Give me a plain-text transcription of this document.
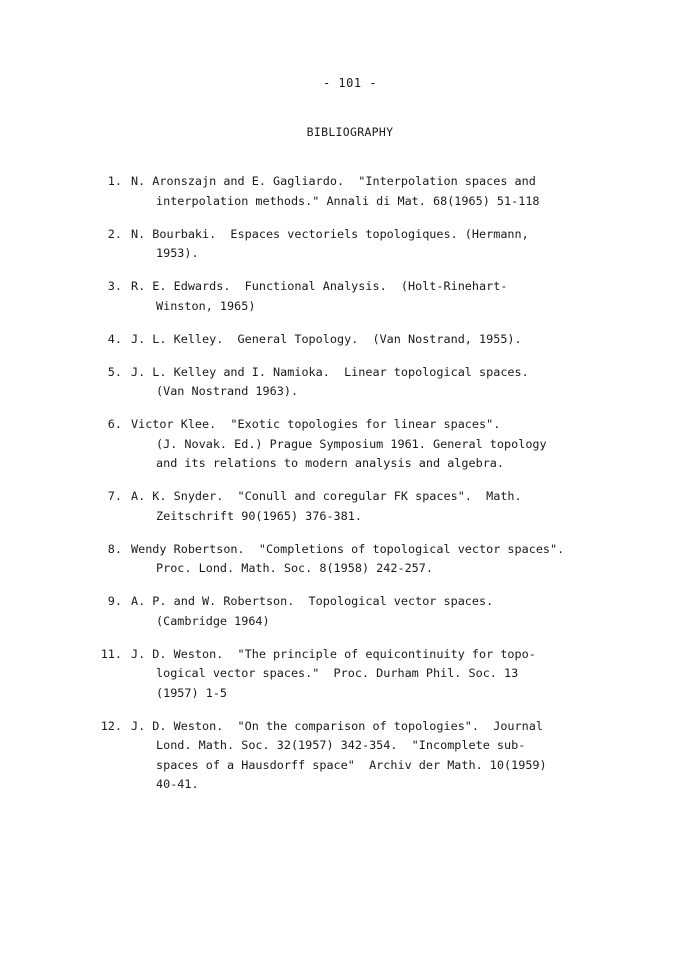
- 101 -
BIBLIOGRAPHY
1. N. Aronszajn and E. Gagliardo.  "Interpolation spaces and
interpolation methods." Annali di Mat. 68(1965) 51-118
2. N. Bourbaki.  Espaces vectoriels topologiques. (Hermann,
1953).
3. R. E. Edwards.  Functional Analysis.  (Holt-Rinehart-
Winston, 1965)
4. J. L. Kelley.  General Topology.  (Van Nostrand, 1955).
5. J. L. Kelley and I. Namioka.  Linear topological spaces.
(Van Nostrand 1963).
6. Victor Klee.  "Exotic topologies for linear spaces".
(J. Novak. Ed.) Prague Symposium 1961. General topology
and its relations to modern analysis and algebra.
7. A. K. Snyder.  "Conull and coregular FK spaces".  Math.
Zeitschrift 90(1965) 376-381.
8. Wendy Robertson.  "Completions of topological vector spaces".
Proc. Lond. Math. Soc. 8(1958) 242-257.
9. A. P. and W. Robertson.  Topological vector spaces.
(Cambridge 1964)
11. J. D. Weston.  "The principle of equicontinuity for topo-
logical vector spaces."  Proc. Durham Phil. Soc. 13
(1957) 1-5
12. J. D. Weston.  "On the comparison of topologies".  Journal
Lond. Math. Soc. 32(1957) 342-354.  "Incomplete sub-
spaces of a Hausdorff space"  Archiv der Math. 10(1959)
40-41.
